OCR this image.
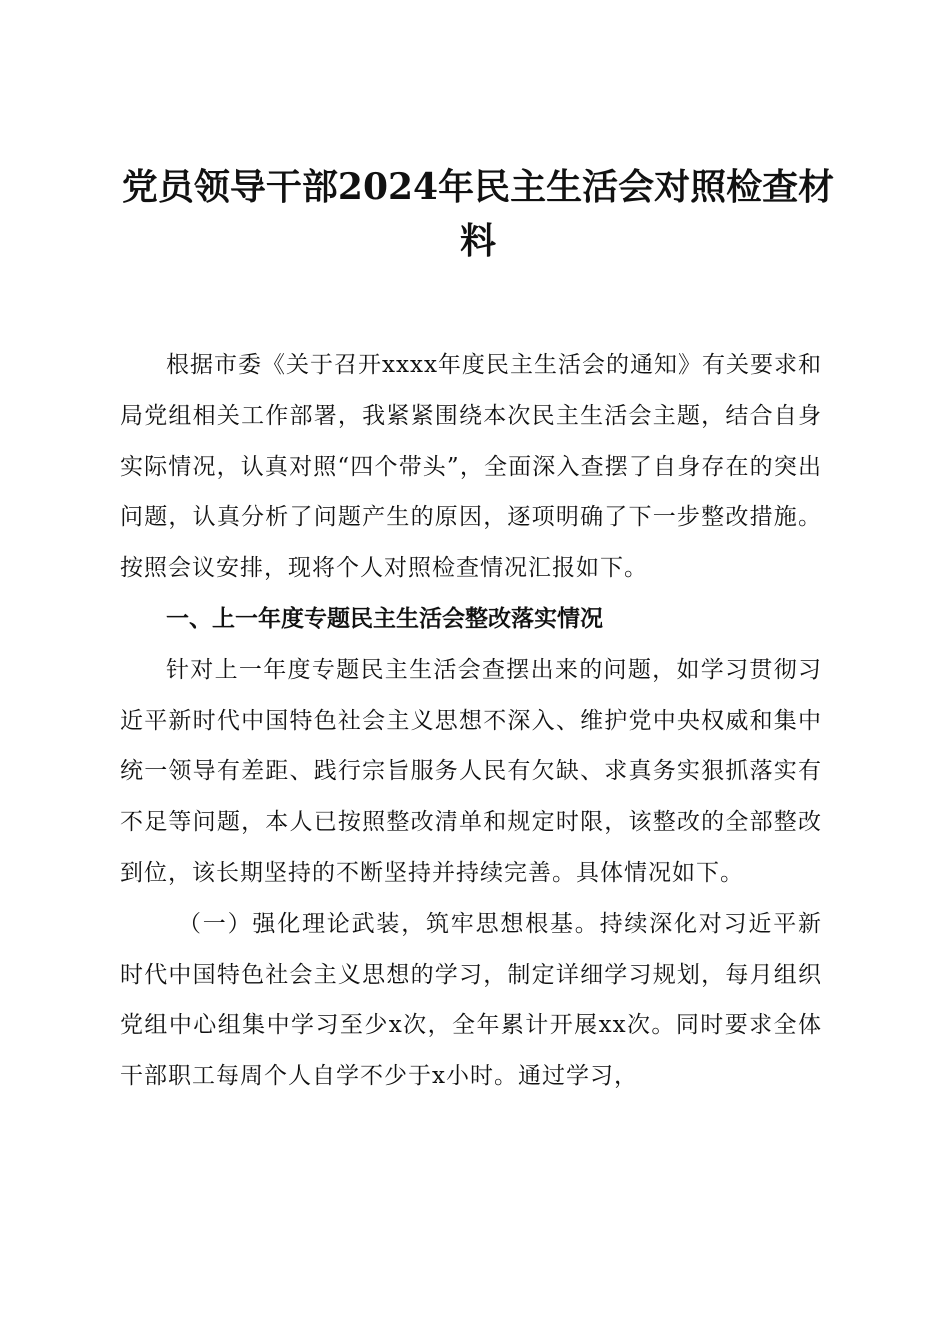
党员领导干部2024年民主生活会对照检查材料

根据市委《关于召开xxxx年度民主生活会的通知》有关要求和局党组相关工作部署，我紧紧围绕本次民主生活会主题，结合自身实际情况，认真对照“四个带头”，全面深入查摆了自身存在的突出问题，认真分析了问题产生的原因，逐项明确了下一步整改措施。按照会议安排，现将个人对照检查情况汇报如下。

一、上一年度专题民主生活会整改落实情况

针对上一年度专题民主生活会查摆出来的问题，如学习贯彻习近平新时代中国特色社会主义思想不深入、维护党中央权威和集中统一领导有差距、践行宗旨服务人民有欠缺、求真务实狠抓落实有不足等问题，本人已按照整改清单和规定时限，该整改的全部整改到位，该长期坚持的不断坚持并持续完善。具体情况如下。

（一）强化理论武装，筑牢思想根基。持续深化对习近平新时代中国特色社会主义思想的学习，制定详细学习规划，每月组织党组中心组集中学习至少x次，全年累计开展xx次。同时要求全体干部职工每周个人自学不少于x小时。通过学习，
